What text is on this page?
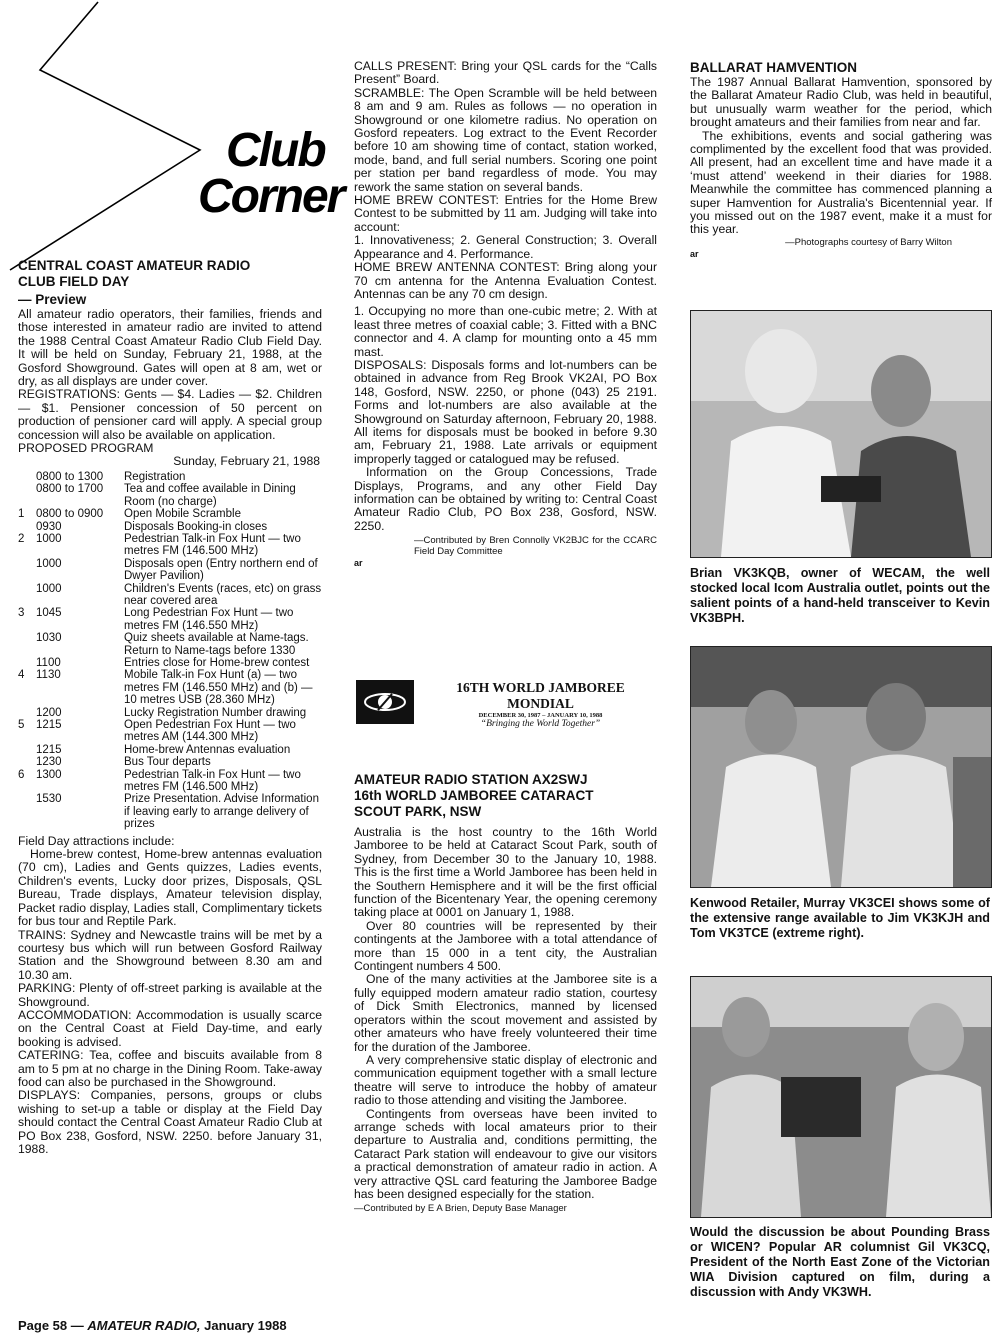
Club
Corner

CENTRAL COAST AMATEUR RADIO

CLUB FIELD DAY

— Preview

All amateur radio operators, their families, friends and those interested in amateur radio are invited to attend the 1988 Central Coast Amateur Radio Club Field Day. It will be held on Sunday, February 21, 1988, at the Gosford Showground. Gates will open at 8 am, wet or dry, as all displays are under cover.

REGISTRATIONS: Gents — $4. Ladies — $2. Children — $1. Pensioner concession of 50 percent on production of pensioner card will apply. A special group concession will also be available on application.

PROPOSED PROGRAM

Sunday, February 21, 1988

	0800 to 1300	Registration
	0800 to 1700	Tea and coffee available in Dining Room (no charge)
1	0800 to 0900	Open Mobile Scramble
	0930	Disposals Booking-in closes
2	1000	Pedestrian Talk-in Fox Hunt — two metres FM (146.500 MHz)
	1000	Disposals open (Entry northern end of Dwyer Pavilion)
	1000	Children's Events (races, etc) on grass near covered area
3	1045	Long Pedestrian Fox Hunt — two metres FM (146.550 MHz)
	1030	Quiz sheets available at Name-tags. Return to Name-tags before 1330
	1100	Entries close for Home-brew contest
4	1130	Mobile Talk-in Fox Hunt (a) — two metres FM (146.550 MHz) and (b) — 10 metres USB (28.360 MHz)
	1200	Lucky Registration Number drawing
5	1215	Open Pedestrian Fox Hunt — two metres AM (144.300 MHz)
	1215	Home-brew Antennas evaluation
	1230	Bus Tour departs
6	1300	Pedestrian Talk-in Fox Hunt — two metres FM (146.500 MHz)
	1530	Prize Presentation. Advise Information if leaving early to arrange delivery of prizes

Field Day attractions include:

Home-brew contest, Home-brew antennas evaluation (70 cm), Ladies and Gents quizzes, Ladies events, Children's events, Lucky door prizes, Disposals, QSL Bureau, Trade displays, Amateur television display, Packet radio display, Ladies stall, Complimentary tickets for bus tour and Reptile Park.

TRAINS: Sydney and Newcastle trains will be met by a courtesy bus which will run between Gosford Railway Station and the Showground between 8.30 am and 10.30 am.

PARKING: Plenty of off-street parking is available at the Showground.

ACCOMMODATION: Accommodation is usually scarce on the Central Coast at Field Day-time, and early booking is advised.

CATERING: Tea, coffee and biscuits available from 8 am to 5 pm at no charge in the Dining Room. Take-away food can also be purchased in the Showground.

DISPLAYS: Companies, persons, groups or clubs wishing to set-up a table or display at the Field Day should contact the Central Coast Amateur Radio Club at PO Box 238, Gosford, NSW. 2250. before January 31, 1988.

CALLS PRESENT: Bring your QSL cards for the “Calls Present” Board.

SCRAMBLE: The Open Scramble will be held between 8 am and 9 am. Rules as follows — no operation in Showground or one kilometre radius. No operation on Gosford repeaters. Log extract to the Event Recorder before 10 am showing time of contact, station worked, mode, band, and full serial numbers. Scoring one point per station per band regardless of mode. You may rework the same station on several bands.

HOME BREW CONTEST: Entries for the Home Brew Contest to be submitted by 11 am. Judging will take into account:

1. Innovativeness; 2. General Construction; 3. Overall Appearance and 4. Performance.

HOME BREW ANTENNA CONTEST: Bring along your 70 cm antenna for the Antenna Evaluation Contest. Antennas can be any 70 cm design.

1. Occupying no more than one-cubic metre; 2. With at least three metres of coaxial cable; 3. Fitted with a BNC connector and 4. A clamp for mounting onto a 45 mm mast.

DISPOSALS: Disposals forms and lot-numbers can be obtained in advance from Reg Brook VK2AI, PO Box 148, Gosford, NSW. 2250, or phone (043) 25 2191. Forms and lot-numbers are also available at the Showground on Saturday afternoon, February 20, 1988. All items for disposals must be booked in before 9.30 am, February 21, 1988. Late arrivals or equipment improperly tagged or catalogued may be refused.

Information on the Group Concessions, Trade Displays, Programs, and any other Field Day information can be obtained by writing to: Central Coast Amateur Radio Club, PO Box 238, Gosford, NSW. 2250.

—Contributed by Bren Connolly VK2BJC for the CCARC Field Day Committee

ar

16TH WORLD JAMBOREE MONDIAL
DECEMBER 30, 1987 – JANUARY 10, 1988
“Bringing the World Together”

AMATEUR RADIO STATION AX2SWJ

16th WORLD JAMBOREE CATARACT

SCOUT PARK, NSW

Australia is the host country to the 16th World Jamboree to be held at Cataract Scout Park, south of Sydney, from December 30 to the January 10, 1988. This is the first time a World Jamboree has been held in the Southern Hemisphere and it will be the first official function of the Bicentenary Year, the opening ceremony taking place at 0001 on January 1, 1988.

Over 80 countries will be represented by their contingents at the Jamboree with a total attendance of more than 15 000 in a tent city, the Australian Contingent numbers 4 500.

One of the many activities at the Jamboree site is a fully equipped modern amateur radio station, courtesy of Dick Smith Electronics, manned by licensed operators within the scout movement and assisted by other amateurs who have freely volunteered their time for the duration of the Jamboree.

A very comprehensive static display of electronic and communication equipment together with a small lecture theatre will serve to introduce the hobby of amateur radio to those attending and visiting the Jamboree.

Contingents from overseas have been invited to arrange scheds with local amateurs prior to their departure to Australia and, conditions permitting, the Cataract Park station will endeavour to give our visitors a practical demonstration of amateur radio in action. A very attractive QSL card featuring the Jamboree Badge has been designed especially for the station.

—Contributed by E A Brien, Deputy Base Manager

BALLARAT HAMVENTION

The 1987 Annual Ballarat Hamvention, sponsored by the Ballarat Amateur Radio Club, was held in beautiful, but unusually warm weather for the period, which brought amateurs and their families from near and far.

The exhibitions, events and social gathering was complimented by the excellent food that was provided. All present, had an excellent time and have made it a ‘must attend’ weekend in their diaries for 1988. Meanwhile the committee has commenced planning a super Hamvention for Australia's Bicentennial year. If you missed out on the 1987 event, make it a must for this year.

—Photographs courtesy of Barry Wilton

ar

Brian VK3KQB, owner of WECAM, the well stocked local Icom Australia outlet, points out the salient points of a hand-held transceiver to Kevin VK3BPH.

Kenwood Retailer, Murray VK3CEI shows some of the extensive range available to Jim VK3KJH and Tom VK3TCE (extreme right).

Would the discussion be about Pounding Brass or WICEN? Popular AR columnist Gil VK3CQ, President of the North East Zone of the Victorian WIA Division captured on film, during a discussion with Andy VK3WH.

Page 58 — AMATEUR RADIO, January 1988
